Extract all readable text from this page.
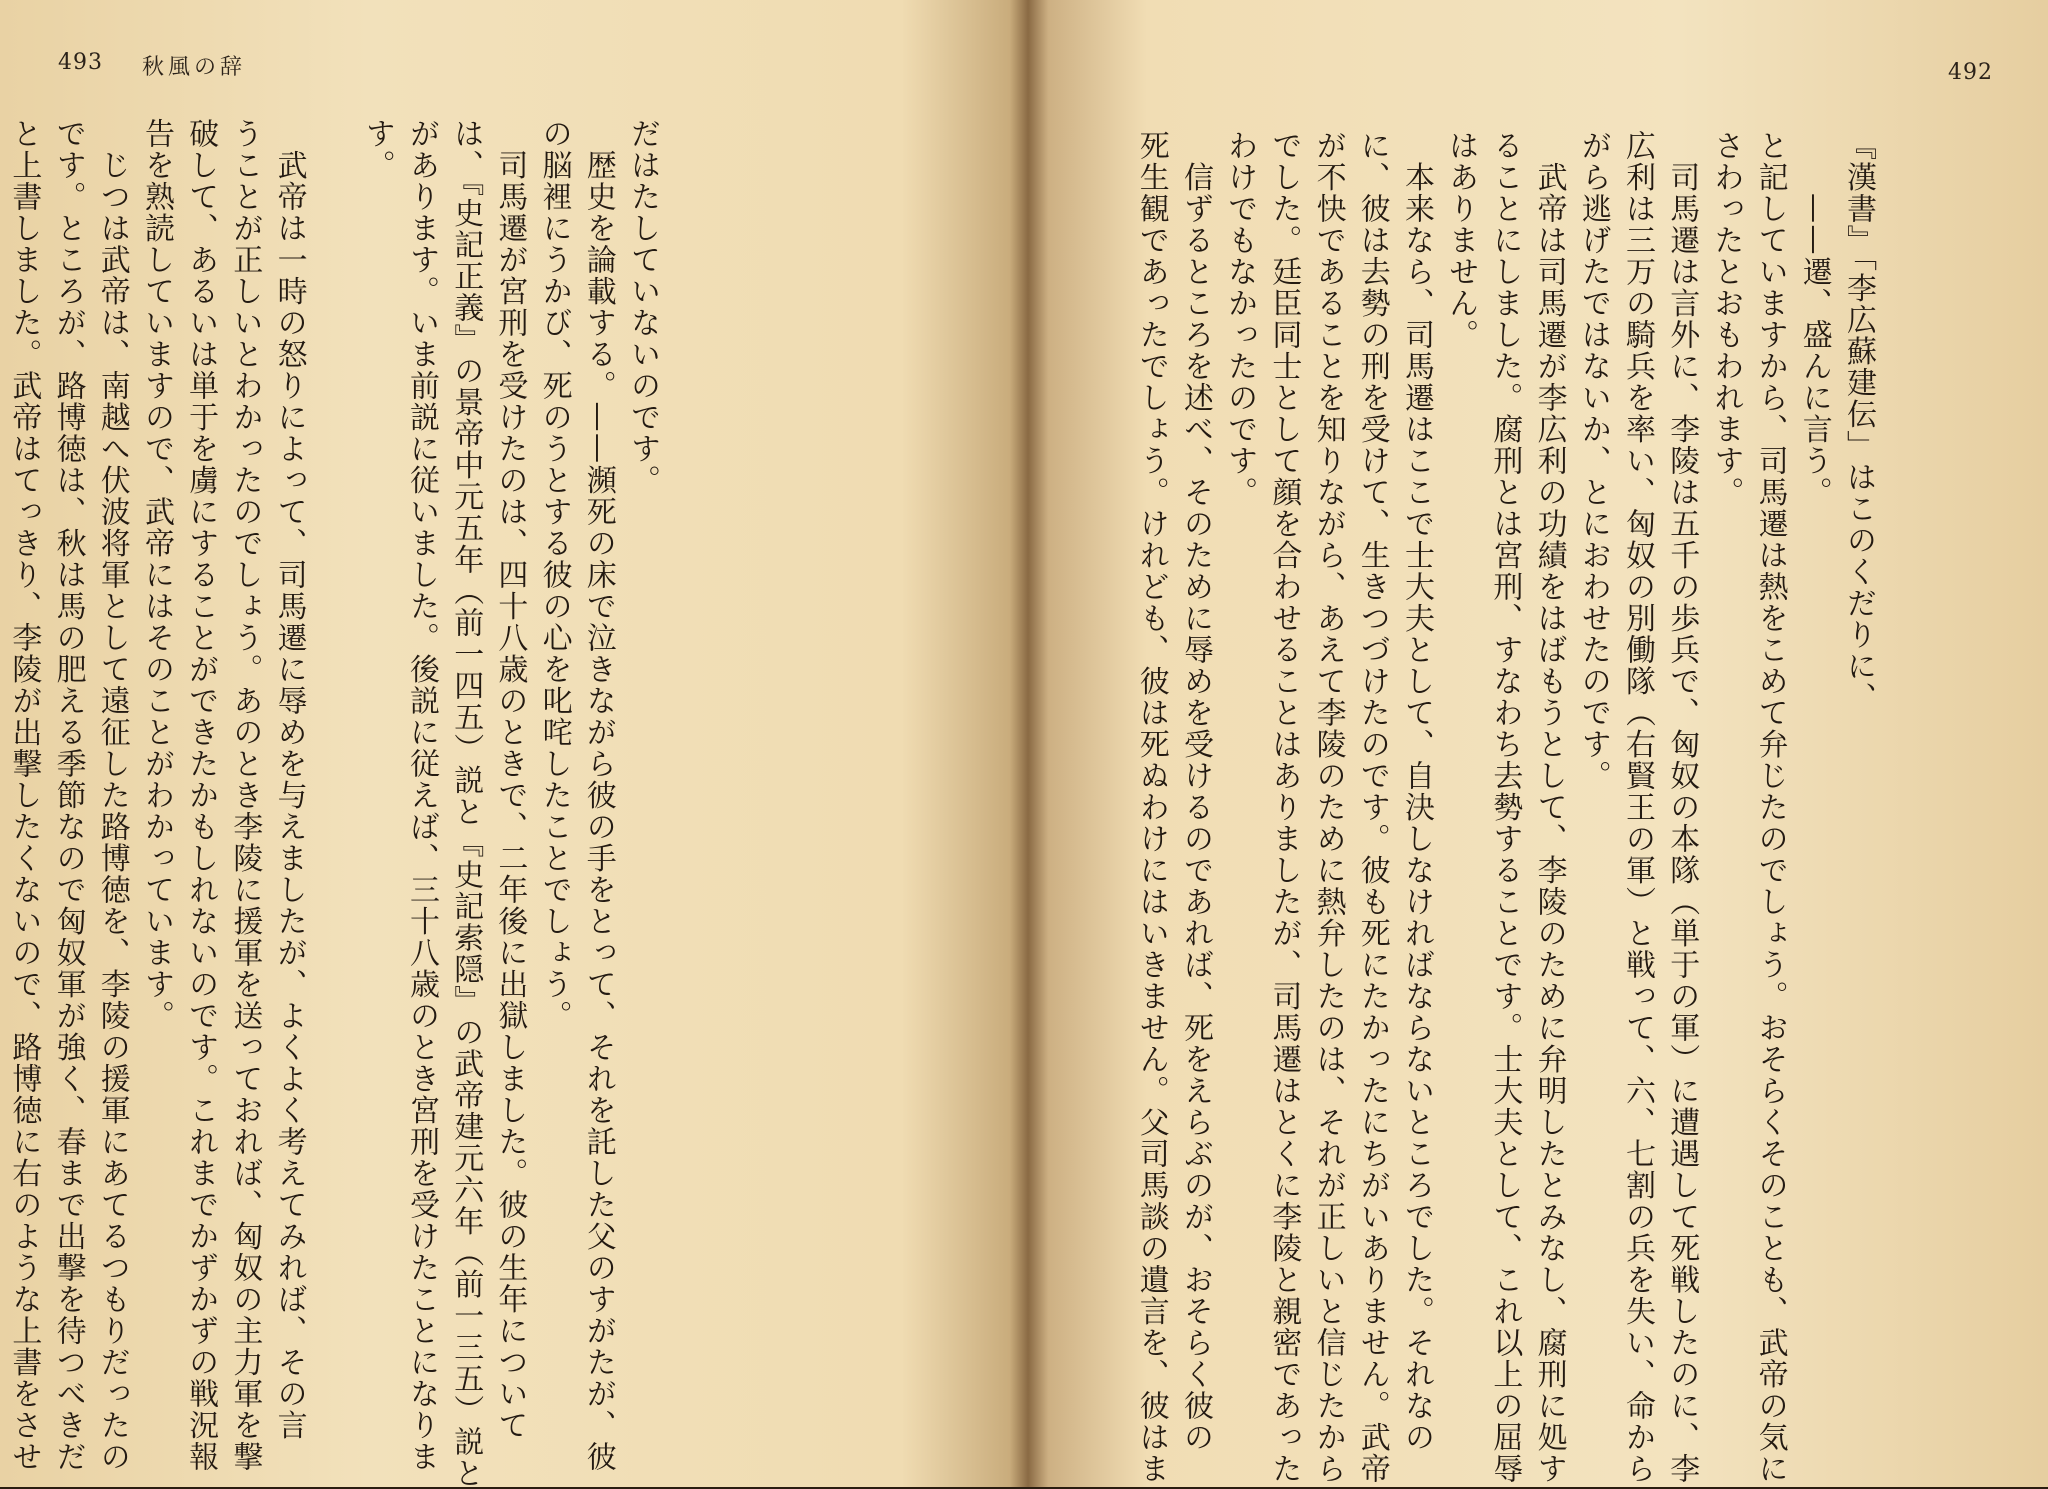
493 秋風の辞
だはたしていないのです。
　歴史を論載する。——瀕死の床で泣きながら彼の手をとって、それを託した父のすがたが、彼
の脳裡にうかび、死のうとする彼の心を叱咤したことでしょう。
　司馬遷が宮刑を受けたのは、四十八歳のときで、二年後に出獄しました。彼の生年について
は、『史記正義』の景帝中元五年（前一四五）説と『史記索隠』の武帝建元六年（前一三五）説と
があります。いま前説に従いました。後説に従えば、三十八歳のとき宮刑を受けたことになりま
す。
　武帝は一時の怒りによって、司馬遷に辱めを与えましたが、よくよく考えてみれば、その言
うことが正しいとわかったのでしょう。あのとき李陵に援軍を送っておれば、匈奴の主力軍を撃
破して、あるいは単于を虜にすることができたかもしれないのです。これまでかずかずの戦況報
告を熟読していますので、武帝にはそのことがわかっています。
　じつは武帝は、南越へ伏波将軍として遠征した路博徳を、李陵の援軍にあてるつもりだったの
です。ところが、路博徳は、秋は馬の肥える季節なので匈奴軍が強く、春まで出撃を待つべきだ
と上書しました。武帝はてっきり、李陵が出撃したくないので、路博徳に右のような上書をさせ
492
『漢書』「李広蘇建伝」はこのくだりに、
　　——遷、盛んに言う。
と記していますから、司馬遷は熱をこめて弁じたのでしょう。おそらくそのことも、武帝の気に
さわったとおもわれます。
　司馬遷は言外に、李陵は五千の歩兵で、匈奴の本隊（単于の軍）に遭遇して死戦したのに、李
広利は三万の騎兵を率い、匈奴の別働隊（右賢王の軍）と戦って、六、七割の兵を失い、命から
がら逃げたではないか、とにおわせたのです。
　武帝は司馬遷が李広利の功績をはばもうとして、李陵のために弁明したとみなし、腐刑に処す
ることにしました。腐刑とは宮刑、すなわち去勢することです。士大夫として、これ以上の屈辱
はありません。
　本来なら、司馬遷はここで士大夫として、自決しなければならないところでした。それなの
に、彼は去勢の刑を受けて、生きつづけたのです。彼も死にたかったにちがいありません。武帝
が不快であることを知りながら、あえて李陵のために熱弁したのは、それが正しいと信じたから
でした。廷臣同士として顔を合わせることはありましたが、司馬遷はとくに李陵と親密であった
わけでもなかったのです。
　信ずるところを述べ、そのために辱めを受けるのであれば、死をえらぶのが、おそらく彼の
死生観であったでしょう。けれども、彼は死ぬわけにはいきません。父司馬談の遺言を、彼はま
